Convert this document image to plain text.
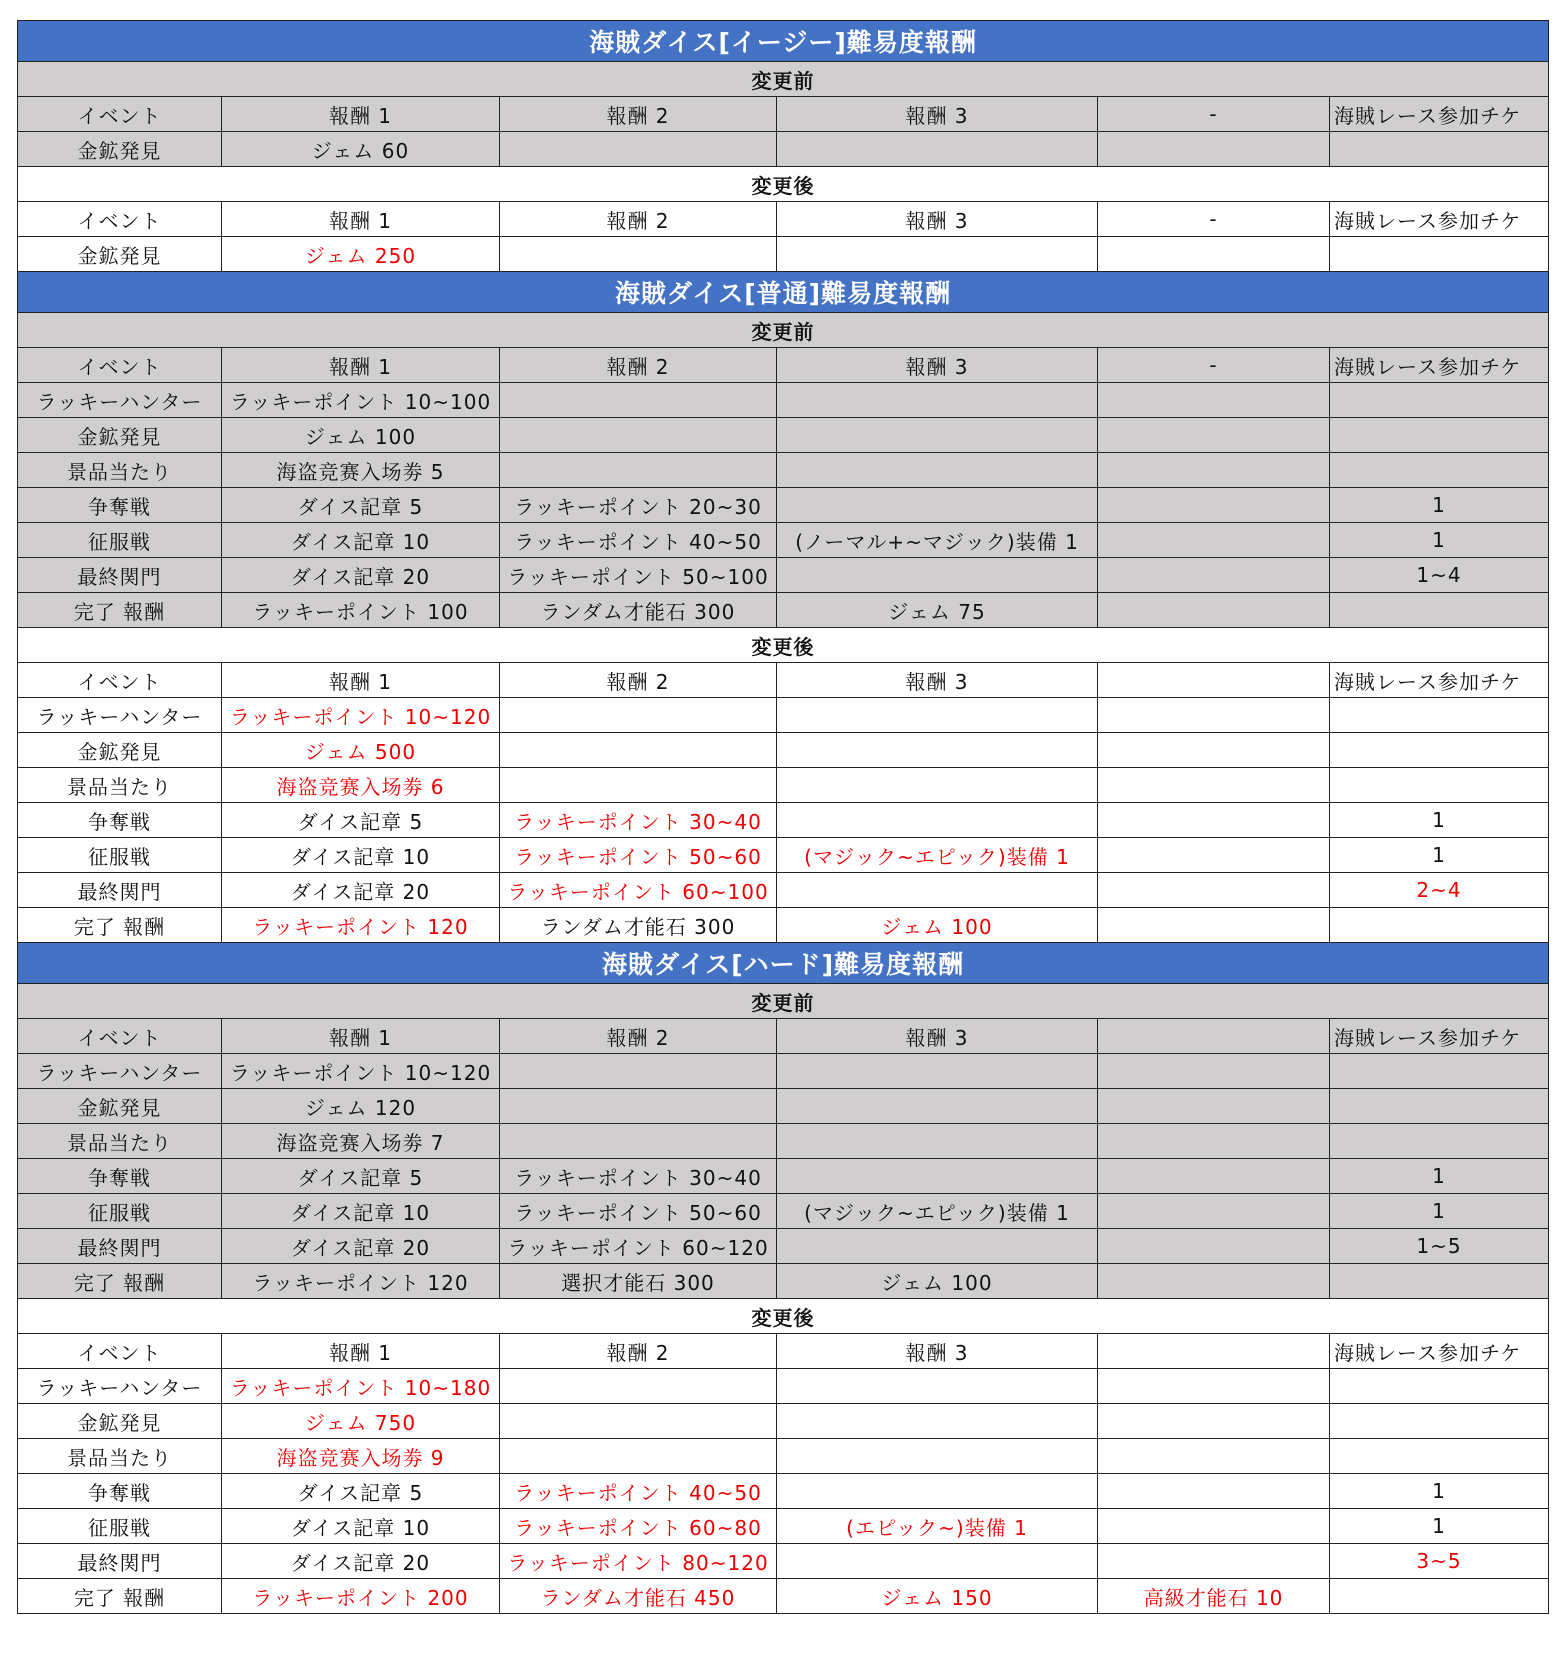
海賊ダイス[イージー]難易度報酬					
変更前					
イベント	報酬 1	報酬 2	報酬 3	-	海賊レース参加チケ
金鉱発見	ジェム 60				
変更後					
イベント	報酬 1	報酬 2	報酬 3	-	海賊レース参加チケ
金鉱発見	ジェム 250				
海賊ダイス[普通]難易度報酬					
変更前					
イベント	報酬 1	報酬 2	報酬 3	-	海賊レース参加チケ
ラッキーハンター	ラッキーポイント 10~100				
金鉱発見	ジェム 100				
景品当たり	海盗竞赛入场劵 5				
争奪戦	ダイス記章 5	ラッキーポイント 20~30			1
征服戦	ダイス記章 10	ラッキーポイント 40~50	(ノーマル+~マジック)装備 1		1
最終関門	ダイス記章 20	ラッキーポイント 50~100			1~4
完了 報酬	ラッキーポイント 100	ランダム才能石 300	ジェム 75		
変更後					
イベント	報酬 1	報酬 2	報酬 3		海賊レース参加チケ
ラッキーハンター	ラッキーポイント 10~120				
金鉱発見	ジェム 500				
景品当たり	海盗竞赛入场劵 6				
争奪戦	ダイス記章 5	ラッキーポイント 30~40			1
征服戦	ダイス記章 10	ラッキーポイント 50~60	(マジック~エピック)装備 1		1
最終関門	ダイス記章 20	ラッキーポイント 60~100			2~4
完了 報酬	ラッキーポイント 120	ランダム才能石 300	ジェム 100		
海賊ダイス[ハード]難易度報酬					
変更前					
イベント	報酬 1	報酬 2	報酬 3		海賊レース参加チケ
ラッキーハンター	ラッキーポイント 10~120				
金鉱発見	ジェム 120				
景品当たり	海盗竞赛入场劵 7				
争奪戦	ダイス記章 5	ラッキーポイント 30~40			1
征服戦	ダイス記章 10	ラッキーポイント 50~60	(マジック~エピック)装備 1		1
最終関門	ダイス記章 20	ラッキーポイント 60~120			1~5
完了 報酬	ラッキーポイント 120	選択才能石 300	ジェム 100		
変更後					
イベント	報酬 1	報酬 2	報酬 3		海賊レース参加チケ
ラッキーハンター	ラッキーポイント 10~180				
金鉱発見	ジェム 750				
景品当たり	海盗竞赛入场劵 9				
争奪戦	ダイス記章 5	ラッキーポイント 40~50			1
征服戦	ダイス記章 10	ラッキーポイント 60~80	(エピック~)装備 1		1
最終関門	ダイス記章 20	ラッキーポイント 80~120			3~5
完了 報酬	ラッキーポイント 200	ランダム才能石 450	ジェム 150	高級才能石 10	
